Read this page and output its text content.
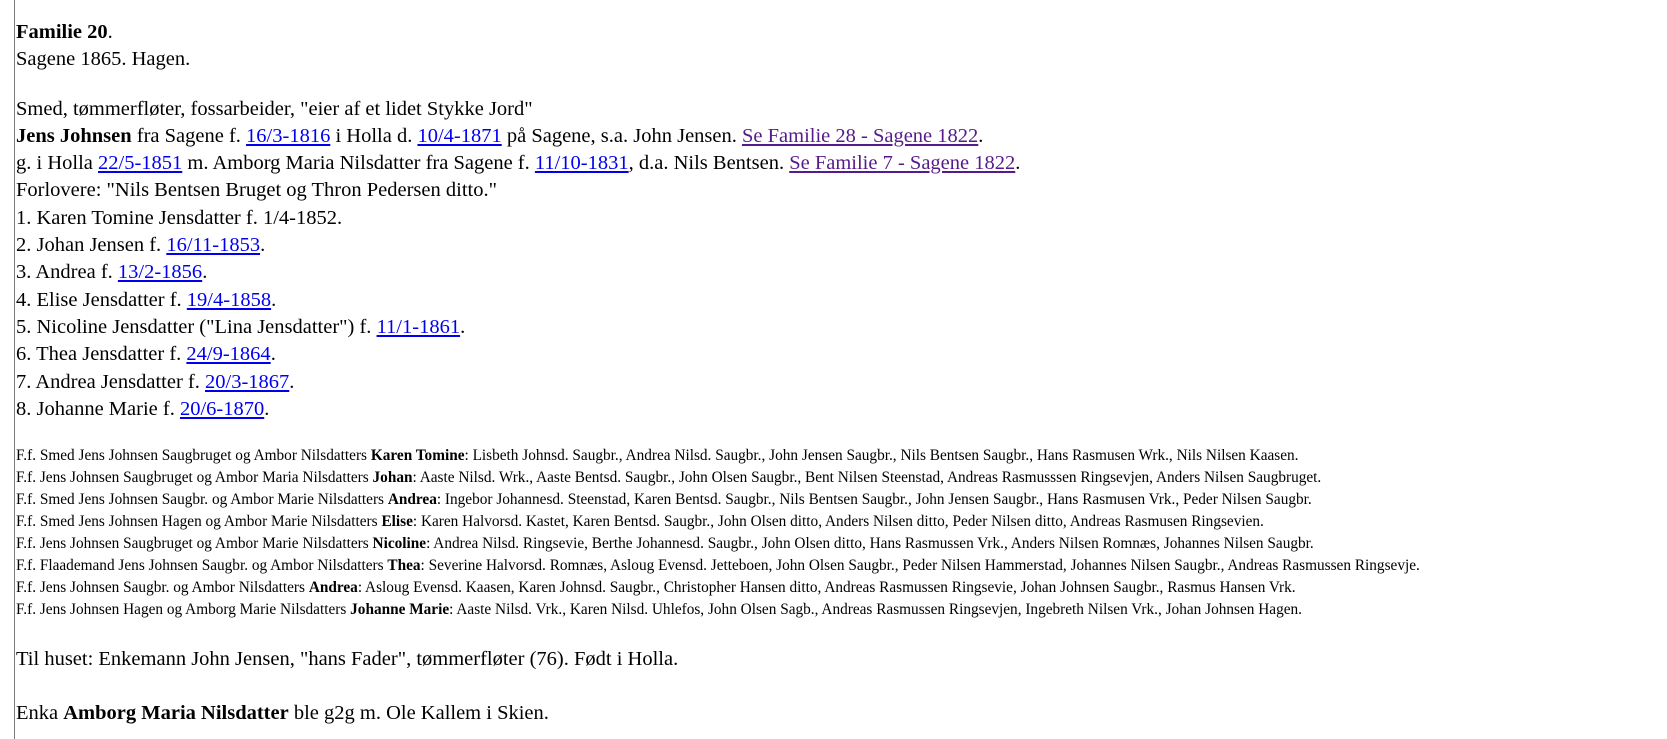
Familie 20.
Sagene 1865. Hagen.
Smed, tømmerfløter, fossarbeider, "eier af et lidet Stykke Jord"
Jens Johnsen fra Sagene f. 16/3-1816 i Holla d. 10/4-1871 på Sagene, s.a. John Jensen. Se Familie 28 - Sagene 1822.
g. i Holla 22/5-1851 m. Amborg Maria Nilsdatter fra Sagene f. 11/10-1831, d.a. Nils Bentsen. Se Familie 7 - Sagene 1822.
Forlovere: "Nils Bentsen Bruget og Thron Pedersen ditto."
1. Karen Tomine Jensdatter f. 1/4-1852.
2. Johan Jensen f. 16/11-1853.
3. Andrea f. 13/2-1856.
4. Elise Jensdatter f. 19/4-1858.
5. Nicoline Jensdatter ("Lina Jensdatter") f. 11/1-1861.
6. Thea Jensdatter f. 24/9-1864.
7. Andrea Jensdatter f. 20/3-1867.
8. Johanne Marie f. 20/6-1870.
F.f. Smed Jens Johnsen Saugbruget og Ambor Nilsdatters Karen Tomine: Lisbeth Johnsd. Saugbr., Andrea Nilsd. Saugbr., John Jensen Saugbr., Nils Bentsen Saugbr., Hans Rasmusen Wrk., Nils Nilsen Kaasen.
F.f. Jens Johnsen Saugbruget og Ambor Maria Nilsdatters Johan: Aaste Nilsd. Wrk., Aaste Bentsd. Saugbr., John Olsen Saugbr., Bent Nilsen Steenstad, Andreas Rasmusssen Ringsevjen, Anders Nilsen Saugbruget.
F.f. Smed Jens Johnsen Saugbr. og Ambor Marie Nilsdatters Andrea: Ingebor Johannesd. Steenstad, Karen Bentsd. Saugbr., Nils Bentsen Saugbr., John Jensen Saugbr., Hans Rasmusen Vrk., Peder Nilsen Saugbr.
F.f. Smed Jens Johnsen Hagen og Ambor Marie Nilsdatters Elise: Karen Halvorsd. Kastet, Karen Bentsd. Saugbr., John Olsen ditto, Anders Nilsen ditto, Peder Nilsen ditto, Andreas Rasmusen Ringsevien.
F.f. Jens Johnsen Saugbruget og Ambor Marie Nilsdatters Nicoline: Andrea Nilsd. Ringsevie, Berthe Johannesd. Saugbr., John Olsen ditto, Hans Rasmussen Vrk., Anders Nilsen Romnæs, Johannes Nilsen Saugbr.
F.f. Flaademand Jens Johnsen Saugbr. og Ambor Nilsdatters Thea: Severine Halvorsd. Romnæs, Asloug Evensd. Jetteboen, John Olsen Saugbr., Peder Nilsen Hammerstad, Johannes Nilsen Saugbr., Andreas Rasmussen Ringsevje.
F.f. Jens Johnsen Saugbr. og Ambor Nilsdatters Andrea: Asloug Evensd. Kaasen, Karen Johnsd. Saugbr., Christopher Hansen ditto, Andreas Rasmussen Ringsevie, Johan Johnsen Saugbr., Rasmus Hansen Vrk.
F.f. Jens Johnsen Hagen og Amborg Marie Nilsdatters Johanne Marie: Aaste Nilsd. Vrk., Karen Nilsd. Uhlefos, John Olsen Sagb., Andreas Rasmussen Ringsevjen, Ingebreth Nilsen Vrk., Johan Johnsen Hagen.
Til huset: Enkemann John Jensen, "hans Fader", tømmerfløter (76). Født i Holla.
Enka Amborg Maria Nilsdatter ble g2g m. Ole Kallem i Skien.
